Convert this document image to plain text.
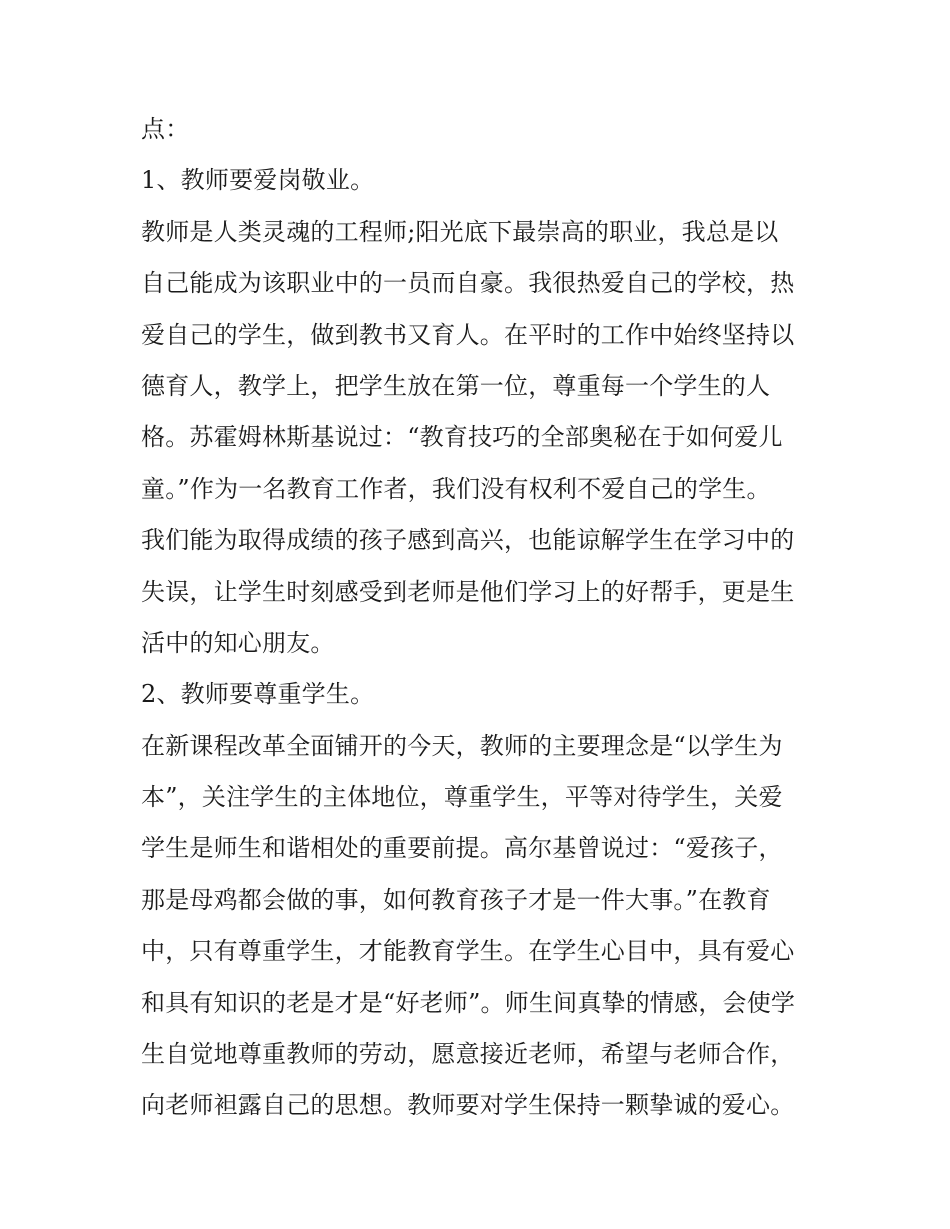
点：
1、教师要爱岗敬业。
教师是人类灵魂的工程师;阳光底下最崇高的职业，我总是以
自己能成为该职业中的一员而自豪。我很热爱自己的学校，热
爱自己的学生，做到教书又育人。在平时的工作中始终坚持以
德育人，教学上，把学生放在第一位，尊重每一个学生的人
格。苏霍姆林斯基说过：“教育技巧的全部奥秘在于如何爱儿
童。”作为一名教育工作者，我们没有权利不爱自己的学生。
我们能为取得成绩的孩子感到高兴，也能谅解学生在学习中的
失误，让学生时刻感受到老师是他们学习上的好帮手，更是生
活中的知心朋友。
2、教师要尊重学生。
在新课程改革全面铺开的今天，教师的主要理念是“以学生为
本”，关注学生的主体地位，尊重学生，平等对待学生，关爱
学生是师生和谐相处的重要前提。高尔基曾说过：“爱孩子，
那是母鸡都会做的事，如何教育孩子才是一件大事。”在教育
中，只有尊重学生，才能教育学生。在学生心目中，具有爱心
和具有知识的老是才是“好老师”。师生间真挚的情感，会使学
生自觉地尊重教师的劳动，愿意接近老师，希望与老师合作，
向老师袒露自己的思想。教师要对学生保持一颗挚诚的爱心。
